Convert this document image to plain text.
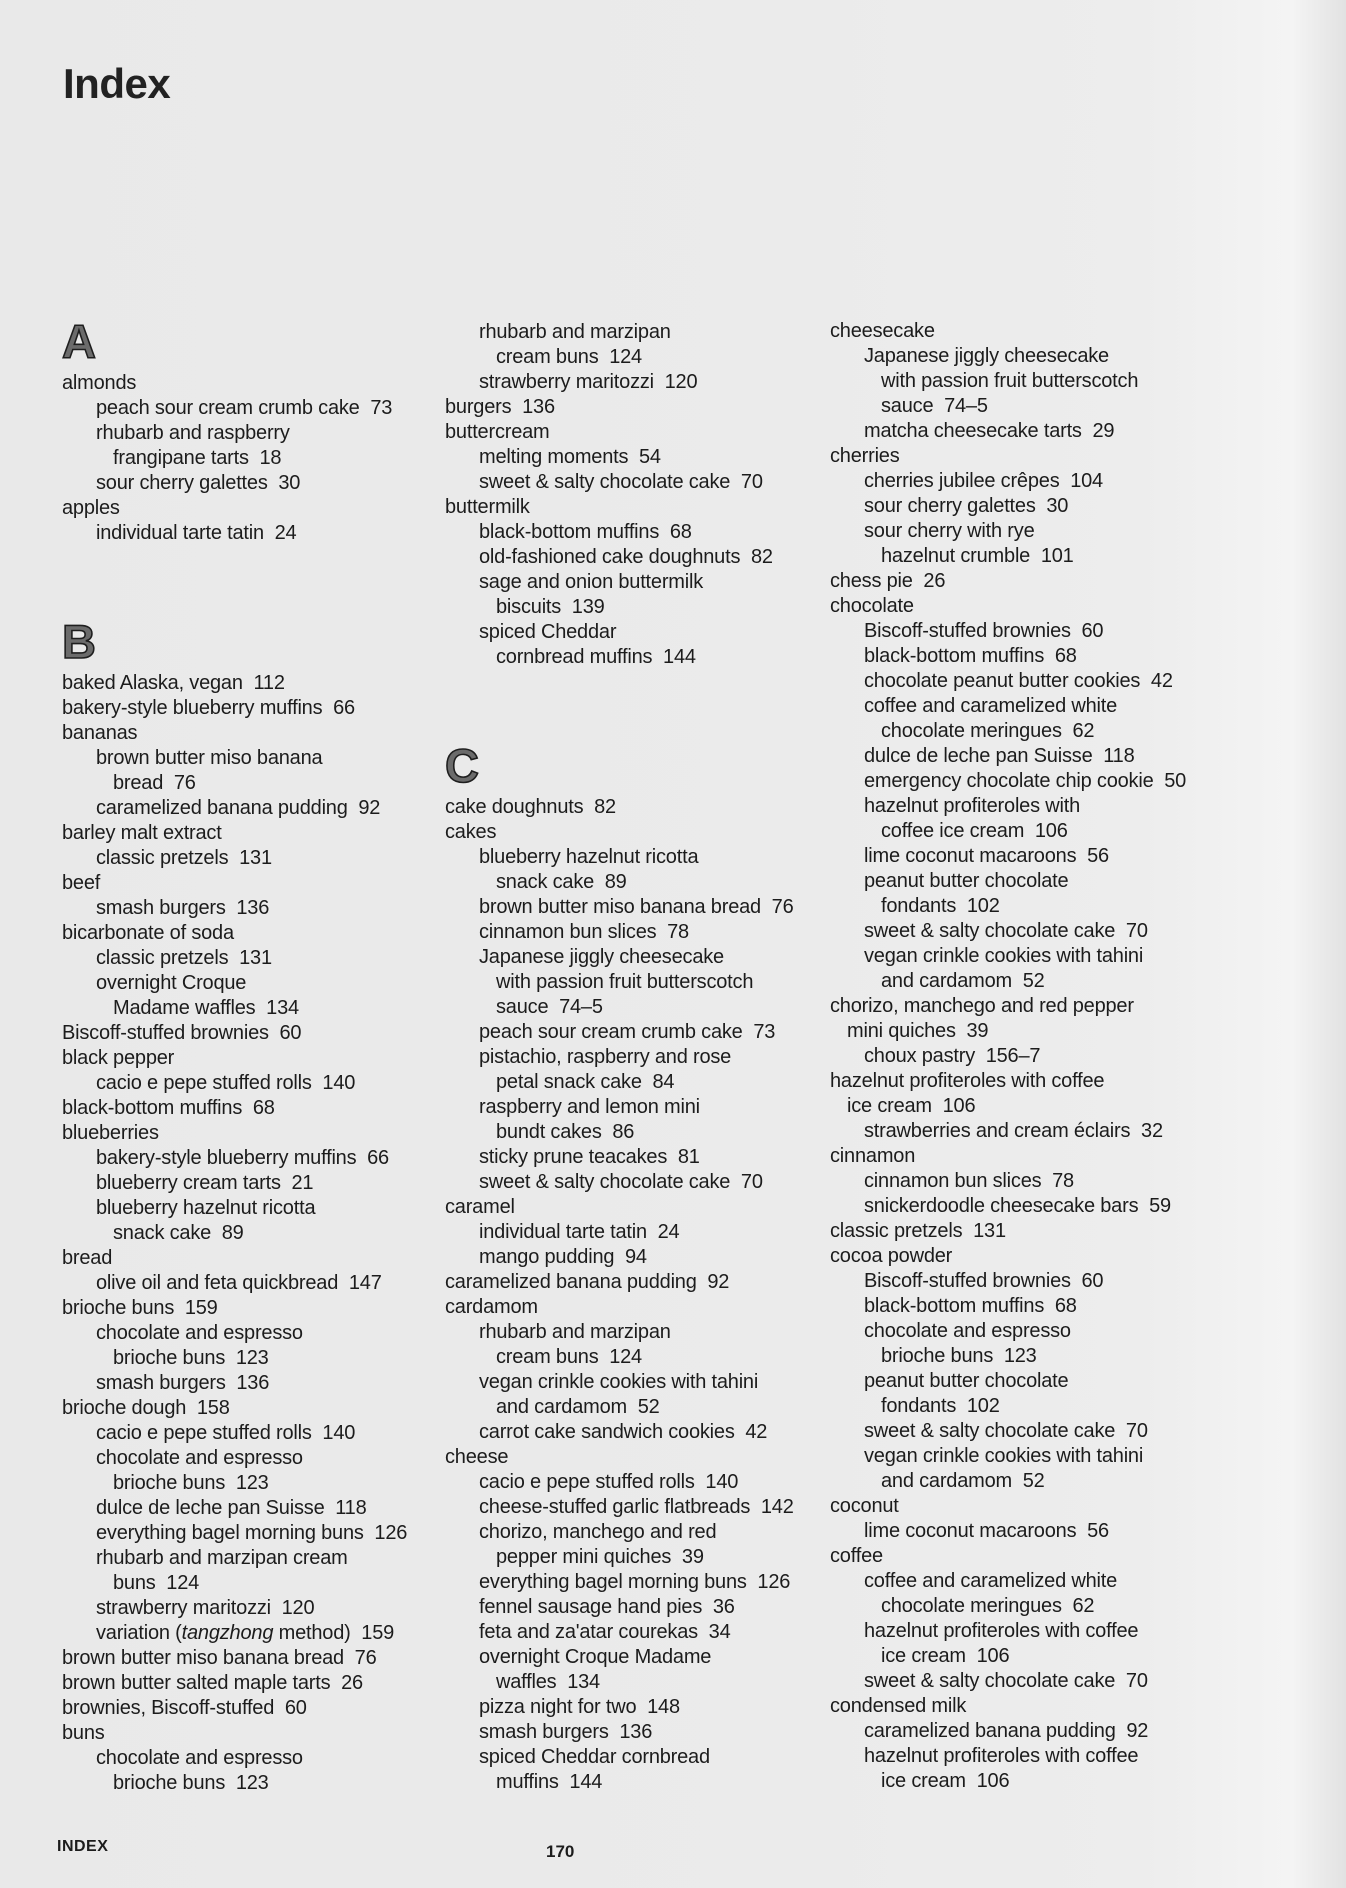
Index
A
almonds
peach sour cream crumb cake  73
rhubarb and raspberry
frangipane tarts  18
sour cherry galettes  30
apples
individual tarte tatin  24
B
baked Alaska, vegan  112
bakery-style blueberry muffins  66
bananas
brown butter miso banana
bread  76
caramelized banana pudding  92
barley malt extract
classic pretzels  131
beef
smash burgers  136
bicarbonate of soda
classic pretzels  131
overnight Croque
Madame waffles  134
Biscoff-stuffed brownies  60
black pepper
cacio e pepe stuffed rolls  140
black-bottom muffins  68
blueberries
bakery-style blueberry muffins  66
blueberry cream tarts  21
blueberry hazelnut ricotta
snack cake  89
bread
olive oil and feta quickbread  147
brioche buns  159
chocolate and espresso
brioche buns  123
smash burgers  136
brioche dough  158
cacio e pepe stuffed rolls  140
chocolate and espresso
brioche buns  123
dulce de leche pan Suisse  118
everything bagel morning buns  126
rhubarb and marzipan cream
buns  124
strawberry maritozzi  120
variation (tangzhong method)  159
brown butter miso banana bread  76
brown butter salted maple tarts  26
brownies, Biscoff-stuffed  60
buns
chocolate and espresso
brioche buns  123
rhubarb and marzipan
cream buns  124
strawberry maritozzi  120
burgers  136
buttercream
melting moments  54
sweet & salty chocolate cake  70
buttermilk
black-bottom muffins  68
old-fashioned cake doughnuts  82
sage and onion buttermilk
biscuits  139
spiced Cheddar
cornbread muffins  144
C
cake doughnuts  82
cakes
blueberry hazelnut ricotta
snack cake  89
brown butter miso banana bread  76
cinnamon bun slices  78
Japanese jiggly cheesecake
with passion fruit butterscotch
sauce  74–5
peach sour cream crumb cake  73
pistachio, raspberry and rose
petal snack cake  84
raspberry and lemon mini
bundt cakes  86
sticky prune teacakes  81
sweet & salty chocolate cake  70
caramel
individual tarte tatin  24
mango pudding  94
caramelized banana pudding  92
cardamom
rhubarb and marzipan
cream buns  124
vegan crinkle cookies with tahini
and cardamom  52
carrot cake sandwich cookies  42
cheese
cacio e pepe stuffed rolls  140
cheese-stuffed garlic flatbreads  142
chorizo, manchego and red
pepper mini quiches  39
everything bagel morning buns  126
fennel sausage hand pies  36
feta and za'atar courekas  34
overnight Croque Madame
waffles  134
pizza night for two  148
smash burgers  136
spiced Cheddar cornbread
muffins  144
cheesecake
Japanese jiggly cheesecake
with passion fruit butterscotch
sauce  74–5
matcha cheesecake tarts  29
cherries
cherries jubilee crêpes  104
sour cherry galettes  30
sour cherry with rye
hazelnut crumble  101
chess pie  26
chocolate
Biscoff-stuffed brownies  60
black-bottom muffins  68
chocolate peanut butter cookies  42
coffee and caramelized white
chocolate meringues  62
dulce de leche pan Suisse  118
emergency chocolate chip cookie  50
hazelnut profiteroles with
coffee ice cream  106
lime coconut macaroons  56
peanut butter chocolate
fondants  102
sweet & salty chocolate cake  70
vegan crinkle cookies with tahini
and cardamom  52
chorizo, manchego and red pepper
mini quiches  39
choux pastry  156–7
hazelnut profiteroles with coffee
ice cream  106
strawberries and cream éclairs  32
cinnamon
cinnamon bun slices  78
snickerdoodle cheesecake bars  59
classic pretzels  131
cocoa powder
Biscoff-stuffed brownies  60
black-bottom muffins  68
chocolate and espresso
brioche buns  123
peanut butter chocolate
fondants  102
sweet & salty chocolate cake  70
vegan crinkle cookies with tahini
and cardamom  52
coconut
lime coconut macaroons  56
coffee
coffee and caramelized white
chocolate meringues  62
hazelnut profiteroles with coffee
ice cream  106
sweet & salty chocolate cake  70
condensed milk
caramelized banana pudding  92
hazelnut profiteroles with coffee
ice cream  106
INDEX	170
